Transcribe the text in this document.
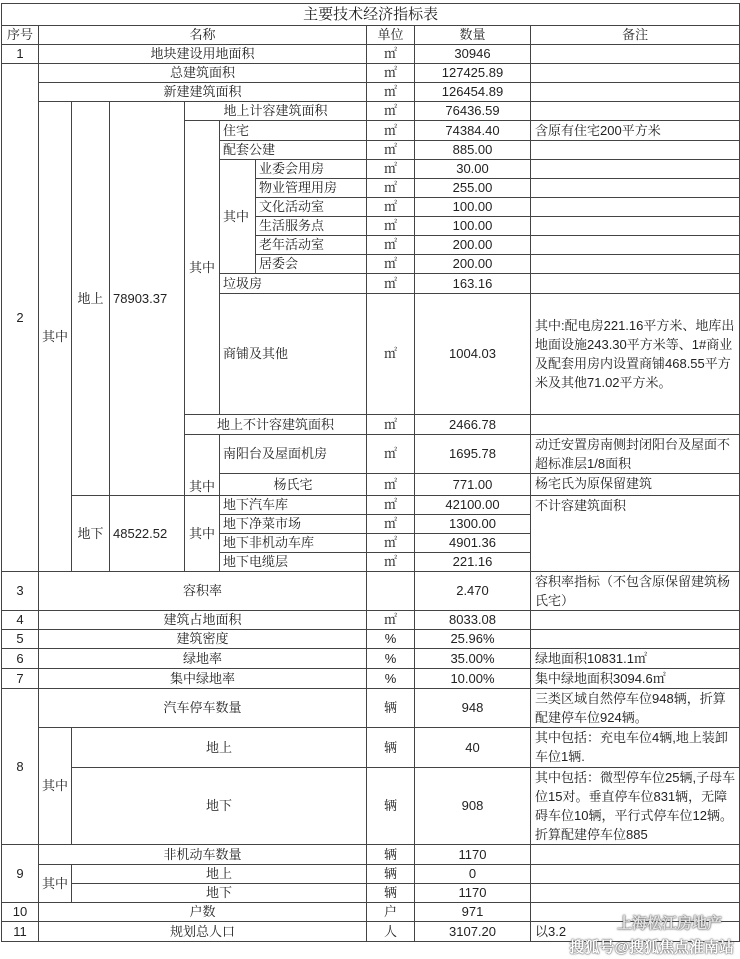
主要技术经济指标表									
序号	名称						单位	数量	备注
1	地块建设用地面积						㎡	30946	
2	总建筑面积						㎡	127425.89	
	新建建筑面积						㎡	126454.89	
	其中	地上	78903.37	地上计容建筑面积			㎡	76436.59	
				其中	住宅		㎡	74384.40	含原有住宅200平方米
					配套公建		㎡	885.00	
					其中	业委会用房	㎡	30.00	
						物业管理用房	㎡	255.00	
						文化活动室	㎡	100.00	
						生活服务点	㎡	100.00	
						老年活动室	㎡	200.00	
						居委会	㎡	200.00	
					垃圾房		㎡	163.16	
					商铺及其他		㎡	1004.03	其中:配电房221.16平方米、地库出地面设施243.30平方米等、1#商业及配套用房内设置商铺468.55平方米及其他71.02平方米。
				地上不计容建筑面积			㎡	2466.78	
				其中	南阳台及屋面机房		㎡	1695.78	动迁安置房南侧封闭阳台及屋面不超标准层1/8面积
					杨氏宅		㎡	771.00	杨宅氏为原保留建筑
		地下	48522.52	其中	地下汽车库		㎡	42100.00	不计容建筑面积
					地下净菜市场		㎡	1300.00	
					地下非机动车库		㎡	4901.36	
					地下电缆层		㎡	221.16	
3	容积率							2.470	容积率指标（不包含原保留建筑杨氏宅）
4	建筑占地面积						㎡	8033.08	
5	建筑密度						%	25.96%	
6	绿地率						%	35.00%	绿地面积10831.1㎡
7	集中绿地率						%	10.00%	集中绿地面积3094.6㎡
8	汽车停车数量						辆	948	三类区域自然停车位948辆，折算配建停车位924辆。
	其中	地上					辆	40	其中包括：充电车位4辆,地上装卸车位1辆.
		地下					辆	908	其中包括：微型停车位25辆,子母车位15对。垂直停车位831辆，无障碍车位10辆，平行式停车位12辆。折算配建停车位885
9	非机动车数量						辆	1170	
	其中	地上					辆	0	
		地下					辆	1170	
10	户数						户	971	
11	规划总人口						人	3107.20	以3.2	上海松江房地产
搜狐号@搜狐焦点淮南站
